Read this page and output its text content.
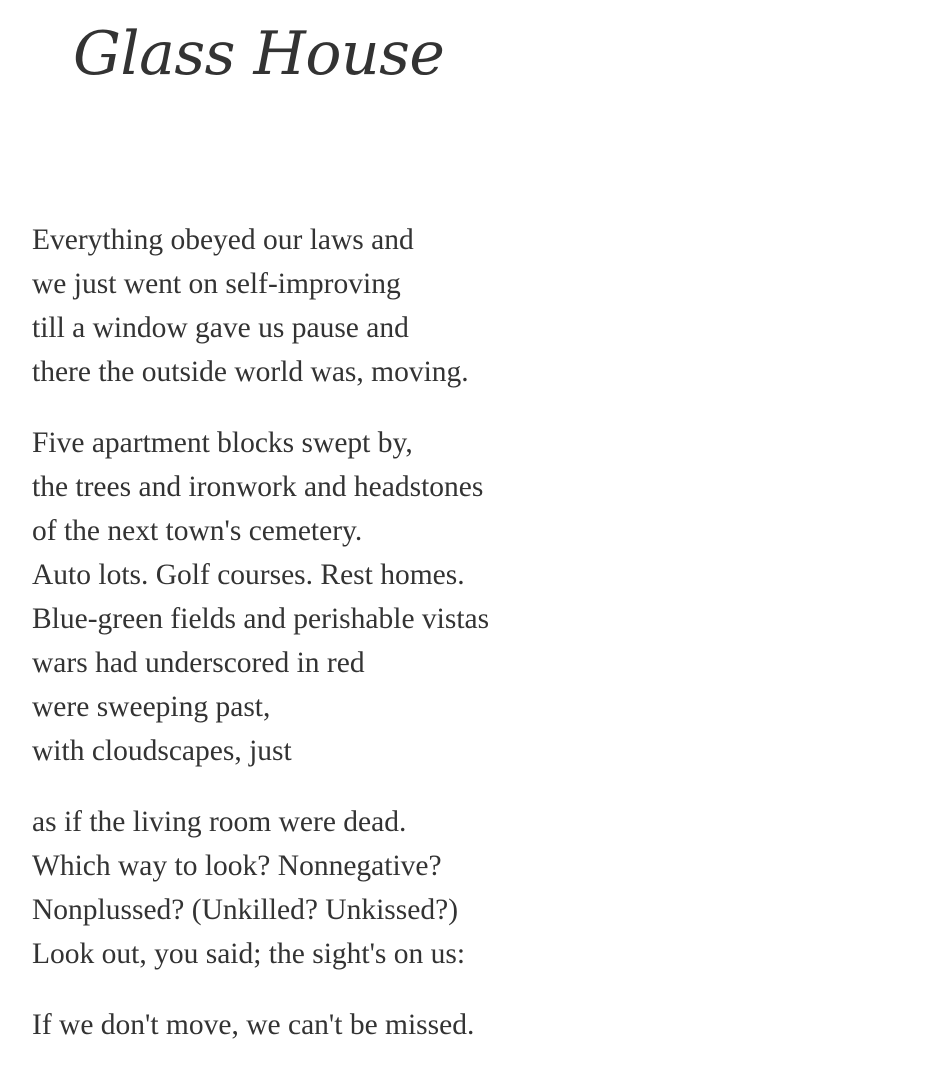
Glass House
Everything obeyed our laws and
we just went on self-improving
till a window gave us pause and
there the outside world was, moving.
Five apartment blocks swept by,
the trees and ironwork and headstones
of the next town's cemetery.
Auto lots. Golf courses. Rest homes.
Blue-green fields and perishable vistas
wars had underscored in red
were sweeping past,
with cloudscapes, just
as if the living room were dead.
Which way to look? Nonnegative?
Nonplussed? (Unkilled? Unkissed?)
Look out, you said; the sight's on us:
If we don't move, we can't be missed.
